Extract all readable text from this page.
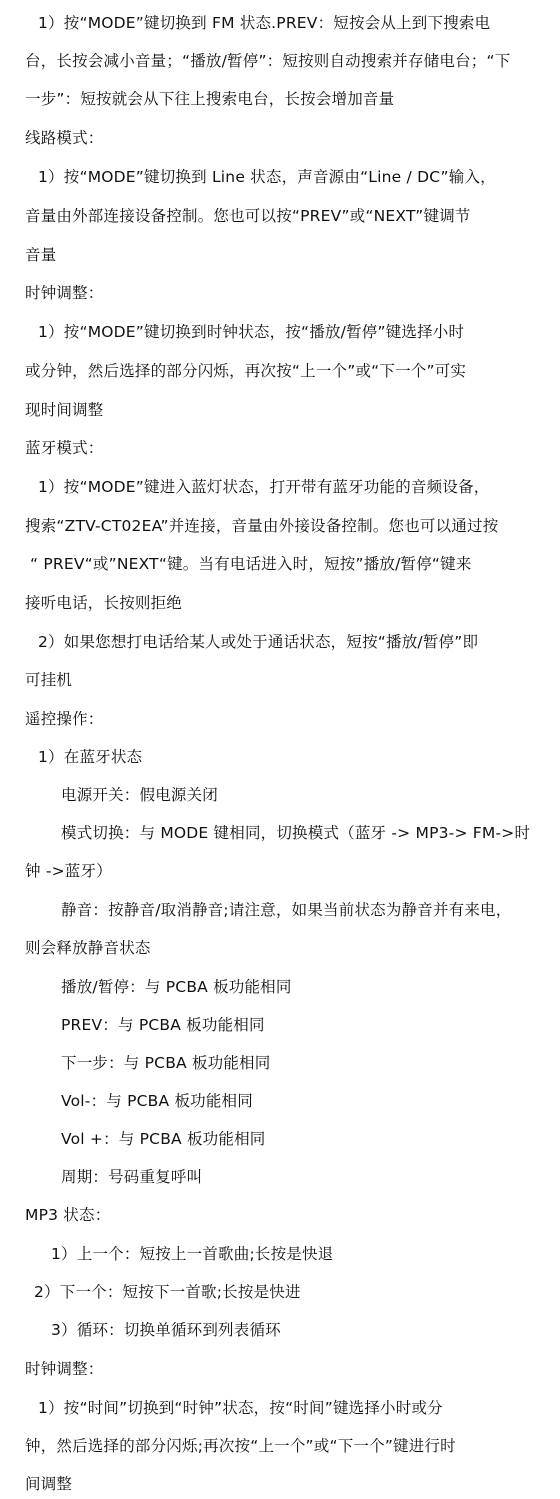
1）按“MODE”键切换到 FM 状态.PREV：短按会从上到下搜索电
台，长按会减小音量；“播放/暂停”：短按则自动搜索并存储电台；“下
一步”：短按就会从下往上搜索电台，长按会增加音量
线路模式：
1）按“MODE”键切换到 Line 状态，声音源由“Line / DC”输入，
音量由外部连接设备控制。您也可以按“PREV”或“NEXT”键调节
音量
时钟调整：
1）按“MODE”键切换到时钟状态，按“播放/暂停”键选择小时
或分钟，然后选择的部分闪烁，再次按“上一个”或“下一个”可实
现时间调整
蓝牙模式：
1）按“MODE”键进入蓝灯状态，打开带有蓝牙功能的音频设备，
搜索“ZTV-CT02EA”并连接，音量由外接设备控制。您也可以通过按
“ PREV“或”NEXT“键。当有电话进入时，短按”播放/暂停“键来
接听电话，长按则拒绝
2）如果您想打电话给某人或处于通话状态，短按“播放/暂停”即
可挂机
遥控操作：
1）在蓝牙状态
电源开关：假电源关闭
模式切换：与 MODE 键相同，切换模式（蓝牙 -> MP3-> FM->时
钟 ->蓝牙）
静音：按静音/取消静音;请注意，如果当前状态为静音并有来电，
则会释放静音状态
播放/暂停：与 PCBA 板功能相同
PREV：与 PCBA 板功能相同
下一步：与 PCBA 板功能相同
Vol-：与 PCBA 板功能相同
Vol +：与 PCBA 板功能相同
周期：号码重复呼叫
MP3 状态：
1）上一个：短按上一首歌曲;长按是快退
2）下一个：短按下一首歌;长按是快进
3）循环：切换单循环到列表循环
时钟调整：
1）按“时间”切换到“时钟”状态，按“时间”键选择小时或分
钟，然后选择的部分闪烁;再次按“上一个”或“下一个”键进行时
间调整
